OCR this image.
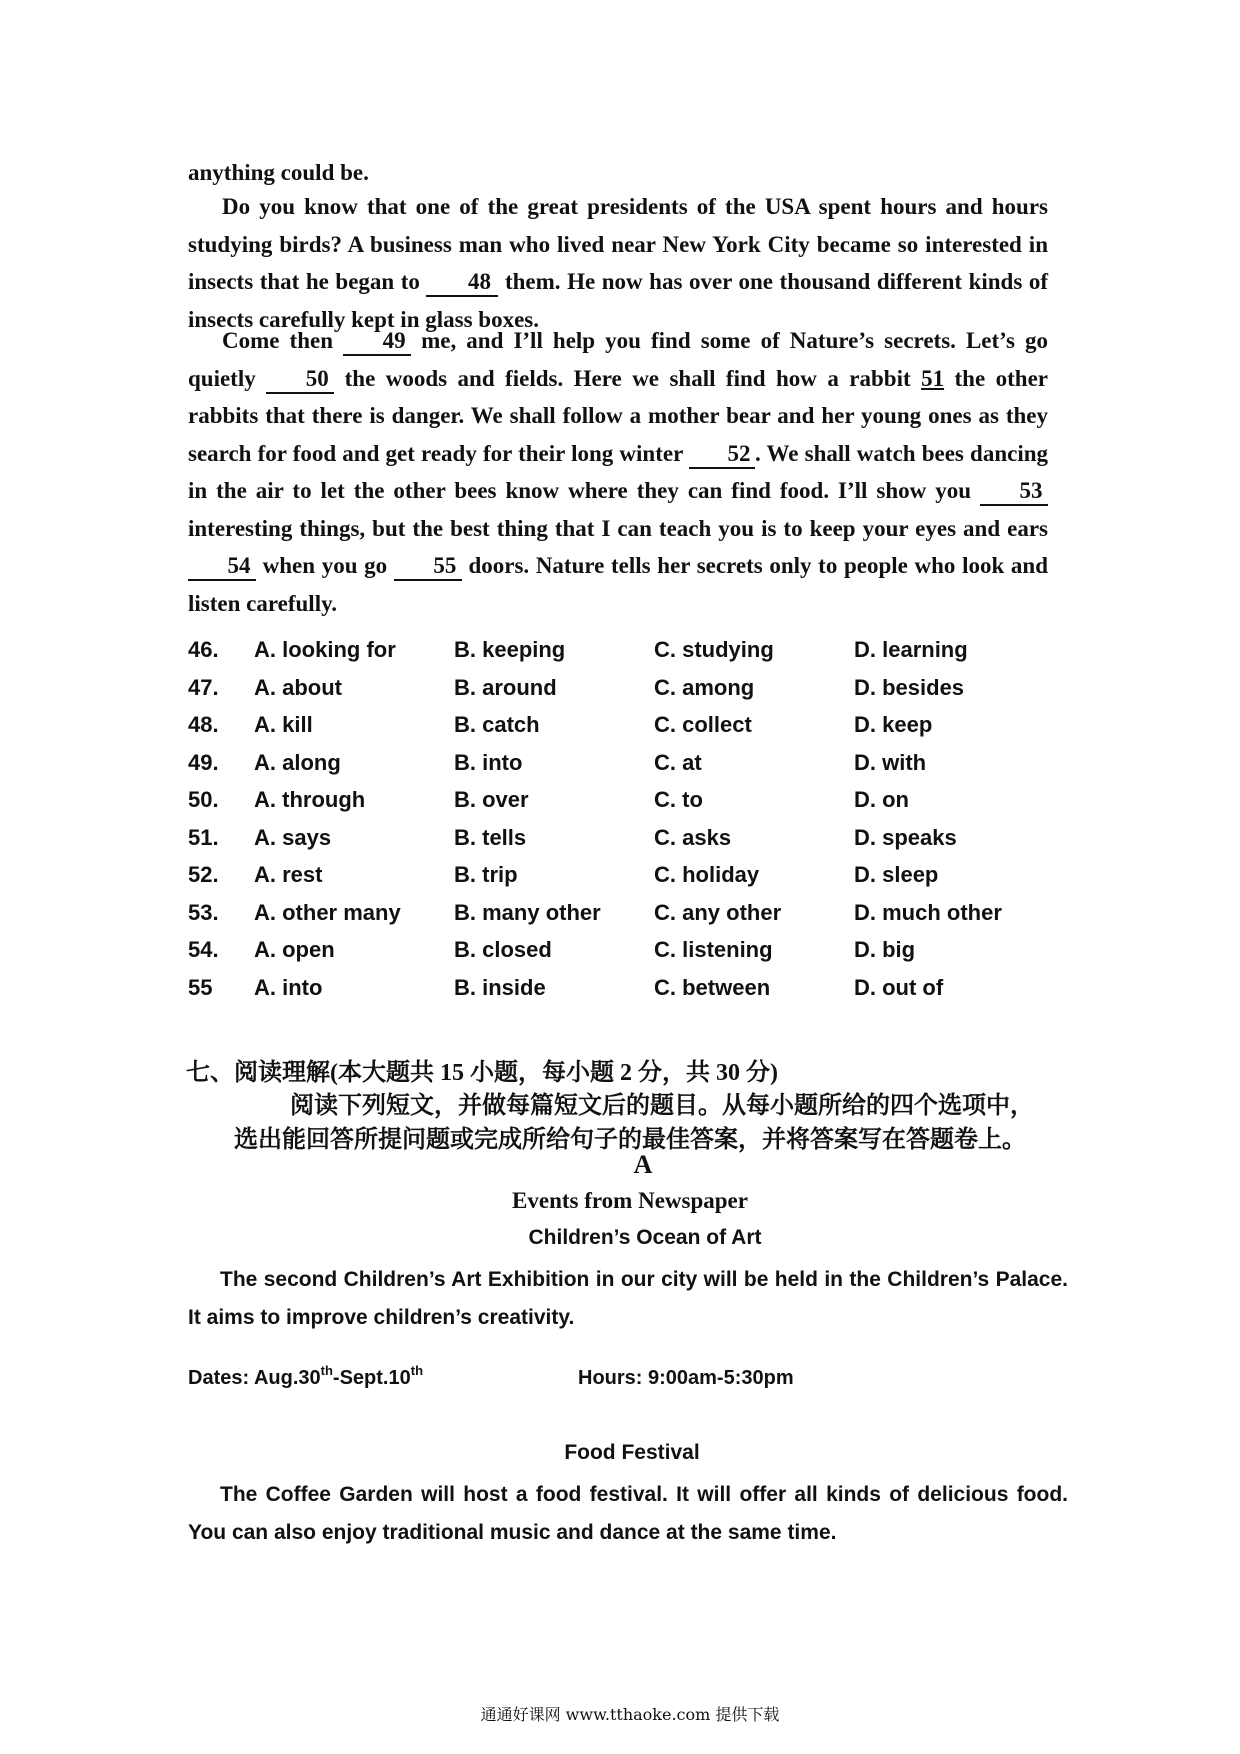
anything could be.
Do you know that one of the great presidents of the USA spent hours and hours studying birds? A business man who lived near New York City became so interested in insects that he began to 48 them. He now has over one thousand different kinds of insects carefully kept in glass boxes.
Come then 49 me, and I’ll help you find some of Nature’s secrets. Let’s go quietly 50 the woods and fields. Here we shall find how a rabbit 51 the other rabbits that there is danger. We shall follow a mother bear and her young ones as they search for food and get ready for their long winter 52 . We shall watch bees dancing in the air to let the other bees know where they can find food. I’ll show you 53 interesting things, but the best thing that I can teach you is to keep your eyes and ears 54 when you go 55 doors. Nature tells her secrets only to people who look and listen carefully.
46. A. looking for	B. keeping	C. studying	D. learning
47. A. about	B. around	C. among	D. besides
48. A. kill	B. catch	C. collect	D. keep
49. A. along	B. into	C. at	D. with
50. A. through	B. over	C. to	D. on
51. A. says	B. tells	C. asks	D. speaks
52. A. rest	B. trip	C. holiday	D. sleep
53. A. other many B. many other C. any other	D. much other
54. A. open	B. closed	C. listening	D. big
55 A. into	B. inside	C. between	D. out of
七、阅读理解(本大题共 15 小题，每小题 2 分，共 30 分)
阅读下列短文，并做每篇短文后的题目。从每小题所给的四个选项中，
选出能回答所提问题或完成所给句子的最佳答案，并将答案写在答题卷上。
A
Events from Newspaper
Children’s Ocean of Art
The second Children’s Art Exhibition in our city will be held in the Children’s Palace. It aims to improve children’s creativity.
Dates: Aug.30th-Sept.10th	Hours: 9:00am-5:30pm
Food Festival
The Coffee Garden will host a food festival. It will offer all kinds of delicious food. You can also enjoy traditional music and dance at the same time.
通通好课网 www.tthaoke.com 提供下载
